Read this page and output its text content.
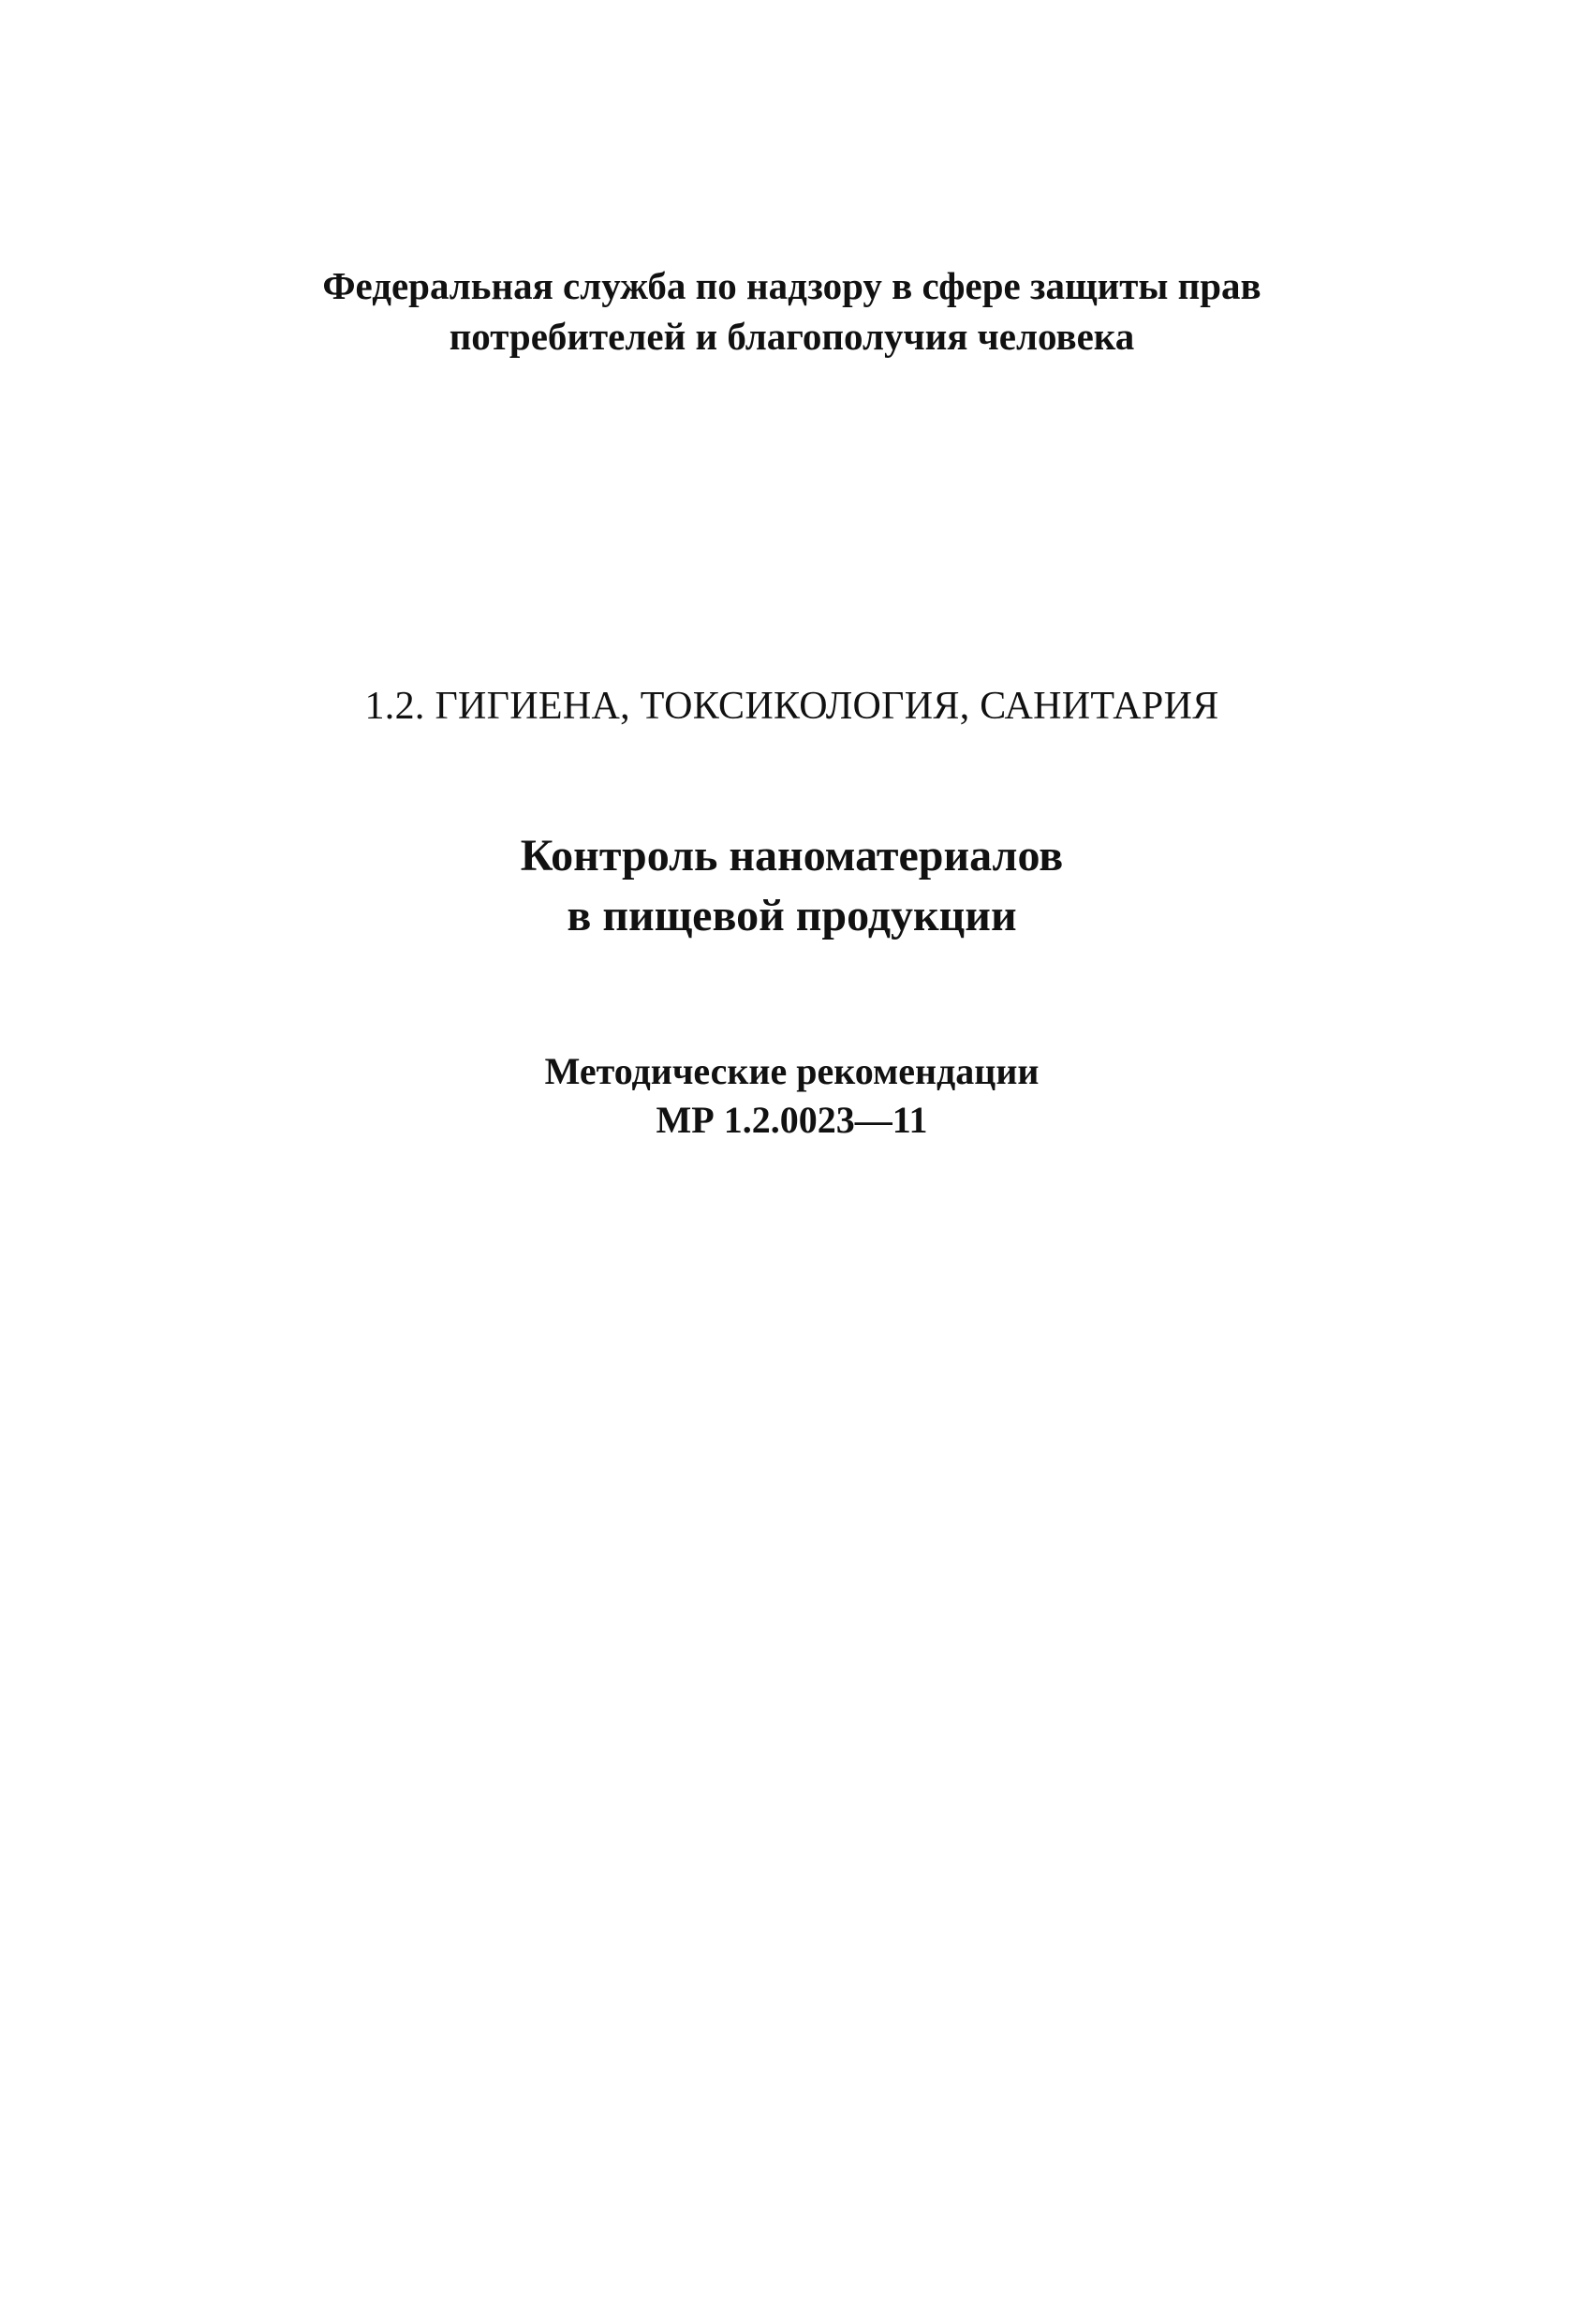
Федеральная служба по надзору в сфере защиты прав
потребителей и благополучия человека
1.2. ГИГИЕНА, ТОКСИКОЛОГИЯ, САНИТАРИЯ
Контроль наноматериалов
в пищевой продукции
Методические рекомендации
МР 1.2.0023—11
